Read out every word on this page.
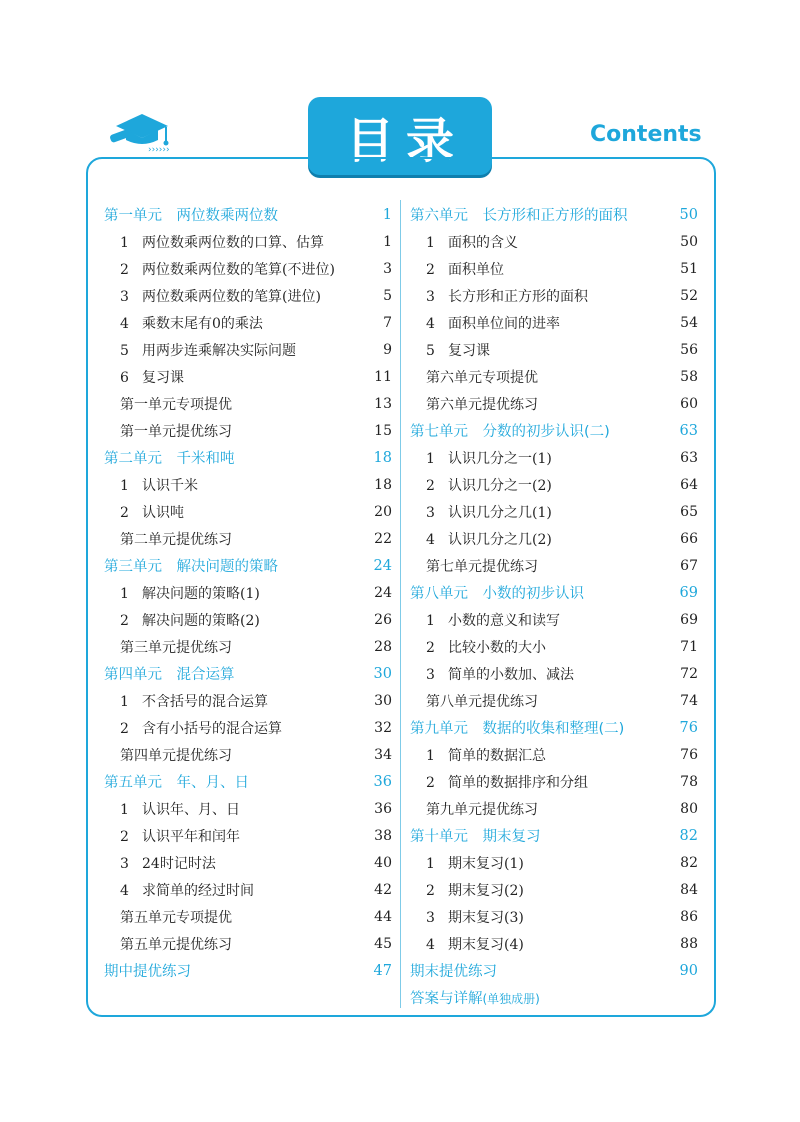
››››››	目录	Contents
第一单元　两位数乘两位数	1
1 两位数乘两位数的口算、估算	1
2 两位数乘两位数的笔算(不进位)	3
3 两位数乘两位数的笔算(进位)	5
4 乘数末尾有0的乘法	7
5 用两步连乘解决实际问题	9
6 复习课	11
第一单元专项提优	13
第一单元提优练习	15
第二单元　千米和吨	18
1 认识千米	18
2 认识吨	20
第二单元提优练习	22
第三单元　解决问题的策略	24
1 解决问题的策略(1)	24
2 解决问题的策略(2)	26
第三单元提优练习	28
第四单元　混合运算	30
1 不含括号的混合运算	30
2 含有小括号的混合运算	32
第四单元提优练习	34
第五单元　年、月、日	36
1 认识年、月、日	36
2 认识平年和闰年	38
3 24时记时法	40
4 求简单的经过时间	42
第五单元专项提优	44
第五单元提优练习	45
期中提优练习	47
第六单元　长方形和正方形的面积	50
1 面积的含义	50
2 面积单位	51
3 长方形和正方形的面积	52
4 面积单位间的进率	54
5 复习课	56
第六单元专项提优	58
第六单元提优练习	60
第七单元　分数的初步认识(二)	63
1 认识几分之一(1)	63
2 认识几分之一(2)	64
3 认识几分之几(1)	65
4 认识几分之几(2)	66
第七单元提优练习	67
第八单元　小数的初步认识	69
1 小数的意义和读写	69
2 比较小数的大小	71
3 简单的小数加、减法	72
第八单元提优练习	74
第九单元　数据的收集和整理(二)	76
1 简单的数据汇总	76
2 简单的数据排序和分组	78
第九单元提优练习	80
第十单元　期末复习	82
1 期末复习(1)	82
2 期末复习(2)	84
3 期末复习(3)	86
4 期末复习(4)	88
期末提优练习	90
答案与详解(单独成册)
